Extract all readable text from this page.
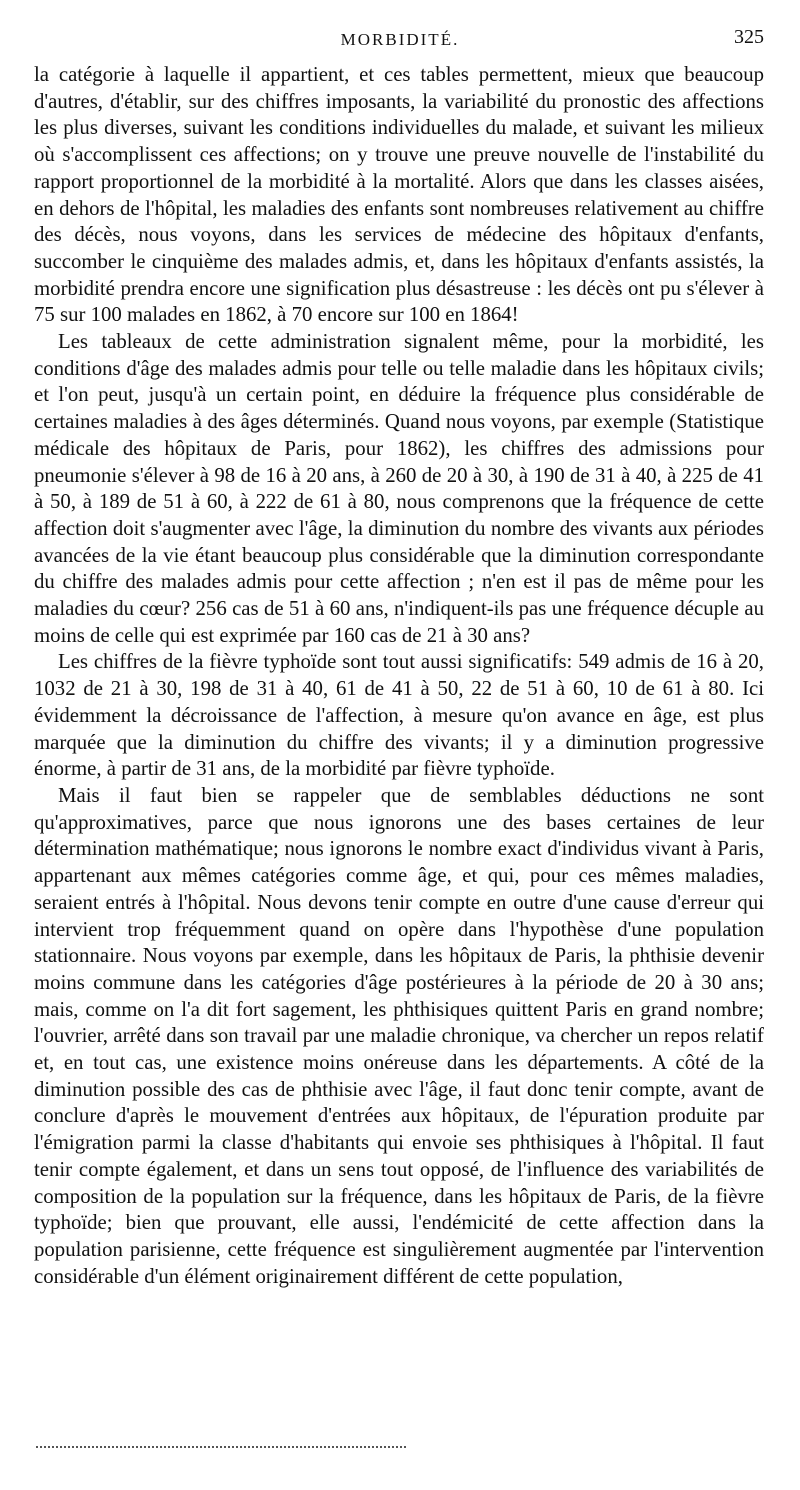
MORBIDITÉ.	325

la catégorie à laquelle il appartient, et ces tables permettent, mieux que beaucoup d'autres, d'établir, sur des chiffres imposants, la variabilité du pronostic des affections les plus diverses, suivant les conditions individuelles du malade, et suivant les milieux où s'accomplissent ces affections; on y trouve une preuve nouvelle de l'instabilité du rapport proportionnel de la morbidité à la mortalité. Alors que dans les classes aisées, en dehors de l'hôpital, les maladies des enfants sont nombreuses relativement au chiffre des décès, nous voyons, dans les services de médecine des hôpitaux d'enfants, succomber le cinquième des malades admis, et, dans les hôpitaux d'enfants assistés, la morbidité prendra encore une signification plus désastreuse : les décès ont pu s'élever à 75 sur 100 malades en 1862, à 70 encore sur 100 en 1864!

Les tableaux de cette administration signalent même, pour la morbidité, les conditions d'âge des malades admis pour telle ou telle maladie dans les hôpitaux civils; et l'on peut, jusqu'à un certain point, en déduire la fréquence plus considérable de certaines maladies à des âges déterminés. Quand nous voyons, par exemple (Statistique médicale des hôpitaux de Paris, pour 1862), les chiffres des admissions pour pneumonie s'élever à 98 de 16 à 20 ans, à 260 de 20 à 30, à 190 de 31 à 40, à 225 de 41 à 50, à 189 de 51 à 60, à 222 de 61 à 80, nous comprenons que la fréquence de cette affection doit s'augmenter avec l'âge, la diminution du nombre des vivants aux périodes avancées de la vie étant beaucoup plus considérable que la diminution correspondante du chiffre des malades admis pour cette affection ; n'en est il pas de même pour les maladies du cœur? 256 cas de 51 à 60 ans, n'indiquent-ils pas une fréquence décuple au moins de celle qui est exprimée par 160 cas de 21 à 30 ans?

Les chiffres de la fièvre typhoïde sont tout aussi significatifs: 549 admis de 16 à 20, 1032 de 21 à 30, 198 de 31 à 40, 61 de 41 à 50, 22 de 51 à 60, 10 de 61 à 80. Ici évidemment la décroissance de l'affection, à mesure qu'on avance en âge, est plus marquée que la diminution du chiffre des vivants; il y a diminution progressive énorme, à partir de 31 ans, de la morbidité par fièvre typhoïde.

Mais il faut bien se rappeler que de semblables déductions ne sont qu'approximatives, parce que nous ignorons une des bases certaines de leur détermination mathématique; nous ignorons le nombre exact d'individus vivant à Paris, appartenant aux mêmes catégories comme âge, et qui, pour ces mêmes maladies, seraient entrés à l'hôpital. Nous devons tenir compte en outre d'une cause d'erreur qui intervient trop fréquemment quand on opère dans l'hypothèse d'une population stationnaire. Nous voyons par exemple, dans les hôpitaux de Paris, la phthisie devenir moins commune dans les catégories d'âge postérieures à la période de 20 à 30 ans; mais, comme on l'a dit fort sagement, les phthisiques quittent Paris en grand nombre; l'ouvrier, arrêté dans son travail par une maladie chronique, va chercher un repos relatif et, en tout cas, une existence moins onéreuse dans les départements. A côté de la diminution possible des cas de phthisie avec l'âge, il faut donc tenir compte, avant de conclure d'après le mouvement d'entrées aux hôpitaux, de l'épuration produite par l'émigration parmi la classe d'habitants qui envoie ses phthisiques à l'hôpital. Il faut tenir compte également, et dans un sens tout opposé, de l'influence des variabilités de composition de la population sur la fréquence, dans les hôpitaux de Paris, de la fièvre typhoïde; bien que prouvant, elle aussi, l'endémicité de cette affection dans la population parisienne, cette fréquence est singulièrement augmentée par l'intervention considérable d'un élément originairement différent de cette population,
